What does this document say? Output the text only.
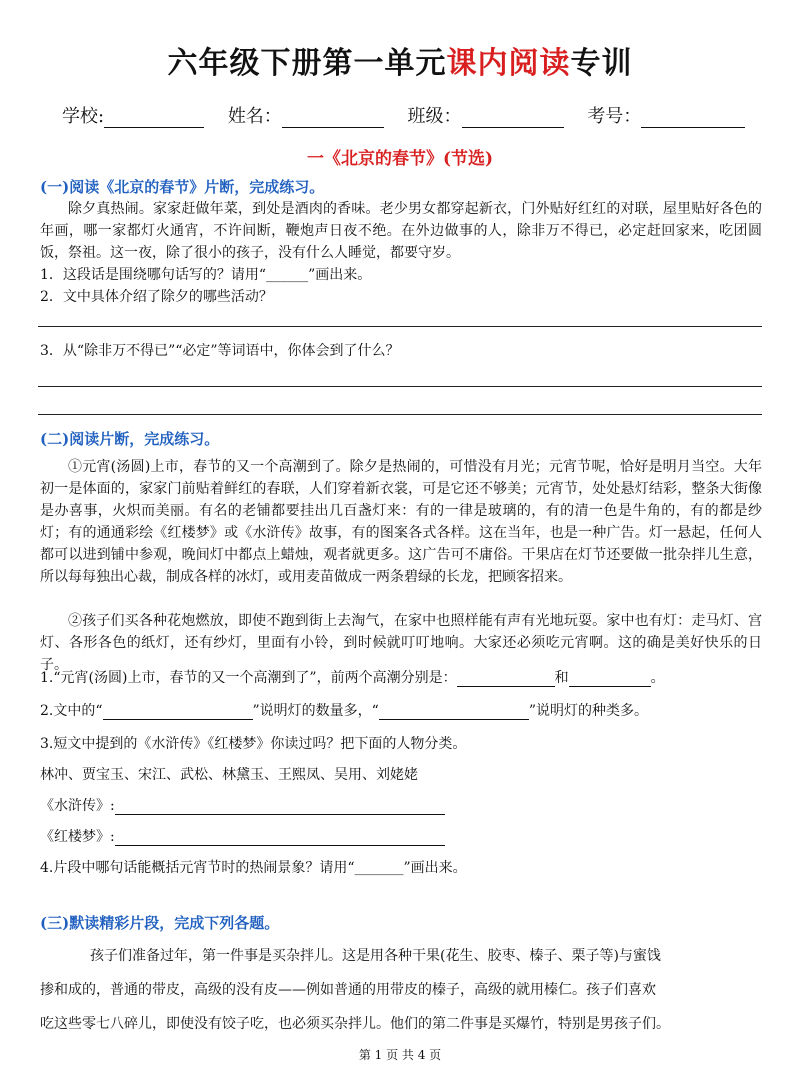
六年级下册第一单元课内阅读专训
学校:	姓名：	班级：	考号：
一《北京的春节》(节选)
(一)阅读《北京的春节》片断，完成练习。
除夕真热闹。家家赶做年菜，到处是酒肉的香味。老少男女都穿起新衣，门外贴好红红的对联，屋里贴好各色的年画，哪一家都灯火通宵，不许间断，鞭炮声日夜不绝。在外边做事的人，除非万不得已，必定赶回家来，吃团圆饭，祭祖。这一夜，除了很小的孩子，没有什么人睡觉，都要守岁。
1．这段话是围绕哪句话写的？请用“______”画出来。
2．文中具体介绍了除夕的哪些活动？
3．从“除非万不得已”“必定”等词语中，你体会到了什么？
(二)阅读片断，完成练习。
①元宵(汤圆)上市，春节的又一个高潮到了。除夕是热闹的，可惜没有月光；元宵节呢，恰好是明月当空。大年初一是体面的，家家门前贴着鲜红的春联，人们穿着新衣裳，可是它还不够美；元宵节，处处悬灯结彩，整条大街像是办喜事，火炽而美丽。有名的老铺都要挂出几百盏灯来：有的一律是玻璃的，有的清一色是牛角的，有的都是纱灯；有的通通彩绘《红楼梦》或《水浒传》故事，有的图案各式各样。这在当年，也是一种广告。灯一悬起，任何人都可以进到铺中参观，晚间灯中都点上蜡烛，观者就更多。这广告可不庸俗。干果店在灯节还要做一批杂拌儿生意，所以每每独出心裁，制成各样的冰灯，或用麦苗做成一两条碧绿的长龙，把顾客招来。
②孩子们买各种花炮燃放，即使不跑到街上去淘气，在家中也照样能有声有光地玩耍。家中也有灯：走马灯、宫灯、各形各色的纸灯，还有纱灯，里面有小铃，到时候就叮叮地响。大家还必须吃元宵啊。这的确是美好快乐的日子。
1.“元宵(汤圆)上市，春节的又一个高潮到了”，前两个高潮分别是：	和	。
2.文中的“	”说明灯的数量多，“	”说明灯的种类多。
3.短文中提到的《水浒传》《红楼梦》你读过吗？把下面的人物分类。
林冲、贾宝玉、宋江、武松、林黛玉、王熙凤、吴用、刘姥姥
《水浒传》:
《红楼梦》:
4.片段中哪句话能概括元宵节时的热闹景象？请用“_______”画出来。
(三)默读精彩片段，完成下列各题。
孩子们准备过年，第一件事是买杂拌儿。这是用各种干果(花生、胶枣、榛子、栗子等)与蜜饯
掺和成的，普通的带皮，高级的没有皮——例如普通的用带皮的榛子，高级的就用榛仁。孩子们喜欢
吃这些零七八碎儿，即使没有饺子吃，也必须买杂拌儿。他们的第二件事是买爆竹，特别是男孩子们。
第 1 页 共 4 页
